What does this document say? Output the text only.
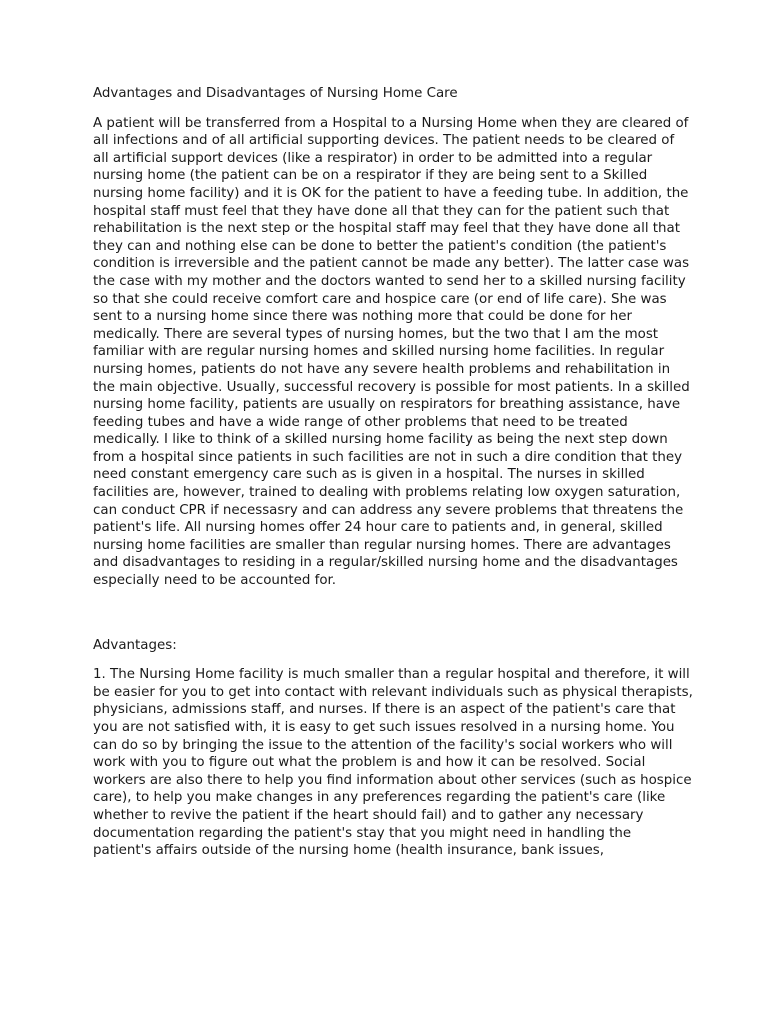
Advantages and Disadvantages of Nursing Home Care

A patient will be transferred from a Hospital to a Nursing Home when they are cleared of all infections and of all artificial supporting devices. The patient needs to be cleared of all artificial support devices (like a respirator) in order to be admitted into a regular nursing home (the patient can be on a respirator if they are being sent to a Skilled nursing home facility) and it is OK for the patient to have a feeding tube. In addition, the hospital staff must feel that they have done all that they can for the patient such that rehabilitation is the next step or the hospital staff may feel that they have done all that they can and nothing else can be done to better the patient's condition (the patient's condition is irreversible and the patient cannot be made any better). The latter case was the case with my mother and the doctors wanted to send her to a skilled nursing facility so that she could receive comfort care and hospice care (or end of life care). She was sent to a nursing home since there was nothing more that could be done for her medically. There are several types of nursing homes, but the two that I am the most familiar with are regular nursing homes and skilled nursing home facilities. In regular nursing homes, patients do not have any severe health problems and rehabilitation in the main objective. Usually, successful recovery is possible for most patients. In a skilled nursing home facility, patients are usually on respirators for breathing assistance, have feeding tubes and have a wide range of other problems that need to be treated medically. I like to think of a skilled nursing home facility as being the next step down from a hospital since patients in such facilities are not in such a dire condition that they need constant emergency care such as is given in a hospital. The nurses in skilled facilities are, however, trained to dealing with problems relating low oxygen saturation, can conduct CPR if necessasry and can address any severe problems that threatens the patient's life. All nursing homes offer 24 hour care to patients and, in general, skilled nursing home facilities are smaller than regular nursing homes. There are advantages and disadvantages to residing in a regular/skilled nursing home and the disadvantages especially need to be accounted for.

Advantages:

1. The Nursing Home facility is much smaller than a regular hospital and therefore, it will be easier for you to get into contact with relevant individuals such as physical therapists, physicians, admissions staff, and nurses. If there is an aspect of the patient's care that you are not satisfied with, it is easy to get such issues resolved in a nursing home. You can do so by bringing the issue to the attention of the facility's social workers who will work with you to figure out what the problem is and how it can be resolved. Social workers are also there to help you find information about other services (such as hospice care), to help you make changes in any preferences regarding the patient's care (like whether to revive the patient if the heart should fail) and to gather any necessary documentation regarding the patient's stay that you might need in handling the patient's affairs outside of the nursing home (health insurance, bank issues,
